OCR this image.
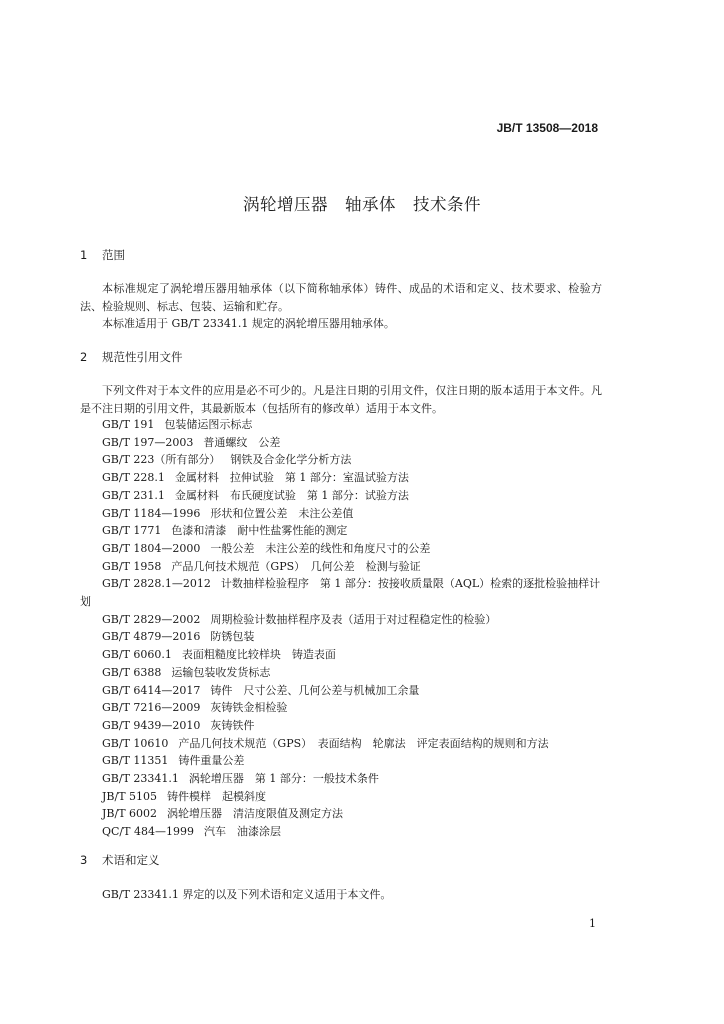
JB/T 13508—2018
涡轮增压器　轴承体　技术条件
1 范围
本标准规定了涡轮增压器用轴承体（以下简称轴承体）铸件、成品的术语和定义、技术要求、检验方法、检验规则、标志、包装、运输和贮存。
本标准适用于 GB/T 23341.1 规定的涡轮增压器用轴承体。
2 规范性引用文件
下列文件对于本文件的应用是必不可少的。凡是注日期的引用文件，仅注日期的版本适用于本文件。凡是不注日期的引用文件，其最新版本（包括所有的修改单）适用于本文件。
GB/T 191 包装储运图示标志
GB/T 197—2003 普通螺纹　公差
GB/T 223（所有部分） 钢铁及合金化学分析方法
GB/T 228.1 金属材料　拉伸试验　第 1 部分：室温试验方法
GB/T 231.1 金属材料　布氏硬度试验　第 1 部分：试验方法
GB/T 1184—1996 形状和位置公差　未注公差值
GB/T 1771 色漆和清漆　耐中性盐雾性能的测定
GB/T 1804—2000 一般公差　未注公差的线性和角度尺寸的公差
GB/T 1958 产品几何技术规范（GPS）　几何公差　检测与验证
GB/T 2828.1—2012 计数抽样检验程序　第 1 部分：按接收质量限（AQL）检索的逐批检验抽样计划
GB/T 2829—2002 周期检验计数抽样程序及表（适用于对过程稳定性的检验）
GB/T 4879—2016 防锈包装
GB/T 6060.1 表面粗糙度比较样块　铸造表面
GB/T 6388 运输包装收发货标志
GB/T 6414—2017 铸件　尺寸公差、几何公差与机械加工余量
GB/T 7216—2009 灰铸铁金相检验
GB/T 9439—2010 灰铸铁件
GB/T 10610 产品几何技术规范（GPS）　表面结构　轮廓法　评定表面结构的规则和方法
GB/T 11351 铸件重量公差
GB/T 23341.1 涡轮增压器　第 1 部分：一般技术条件
JB/T 5105 铸件模样　起模斜度
JB/T 6002 涡轮增压器　清洁度限值及测定方法
QC/T 484—1999 汽车　油漆涂层
3 术语和定义
GB/T 23341.1 界定的以及下列术语和定义适用于本文件。
1
